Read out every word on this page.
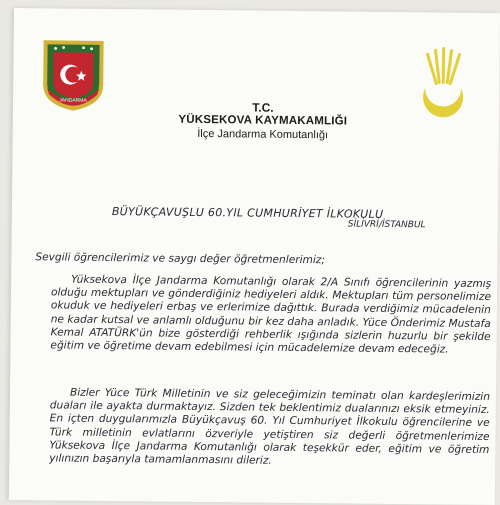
JANDARMA	T.C.
YÜKSEKOVA KAYMAKAMLIĞI
İlçe Jandarma Komutanlığı
BÜYÜKÇAVUŞLU 60.YIL CUMHURİYET İLKOKULU
SİLİVRİ/İSTANBUL
Sevgili öğrencilerimiz ve saygı değer öğretmenlerimiz;
Yüksekova İlçe Jandarma Komutanlığı olarak 2/A Sınıfı öğrencilerinin yazmış olduğu mektupları ve gönderdiğiniz hediyeleri aldık. Mektupları tüm personelimize okuduk ve hediyeleri erbaş ve erlerimize dağıttık. Burada verdiğimiz mücadelenin ne kadar kutsal ve anlamlı olduğunu bir kez daha anladık. Yüce Önderimiz Mustafa Kemal ATATÜRK'ün bize gösterdiği rehberlik ışığında sizlerin huzurlu bir şekilde eğitim ve öğretime devam edebilmesi için mücadelemize devam edeceğiz.
Bizler Yüce Türk Milletinin ve siz geleceğimizin teminatı olan kardeşlerimizin duaları ile ayakta durmaktayız. Sizden tek beklentimiz dualarınızı eksik etmeyiniz. En içten duygularımızla Büyükçavuş 60. Yıl Cumhuriyet İlkokulu öğrencilerine ve Türk milletinin evlatlarını özveriyle yetiştiren siz değerli öğretmenlerimize Yüksekova İlçe Jandarma Komutanlığı olarak teşekkür eder, eğitim ve öğretim yılınızın başarıyla tamamlanmasını dileriz.
